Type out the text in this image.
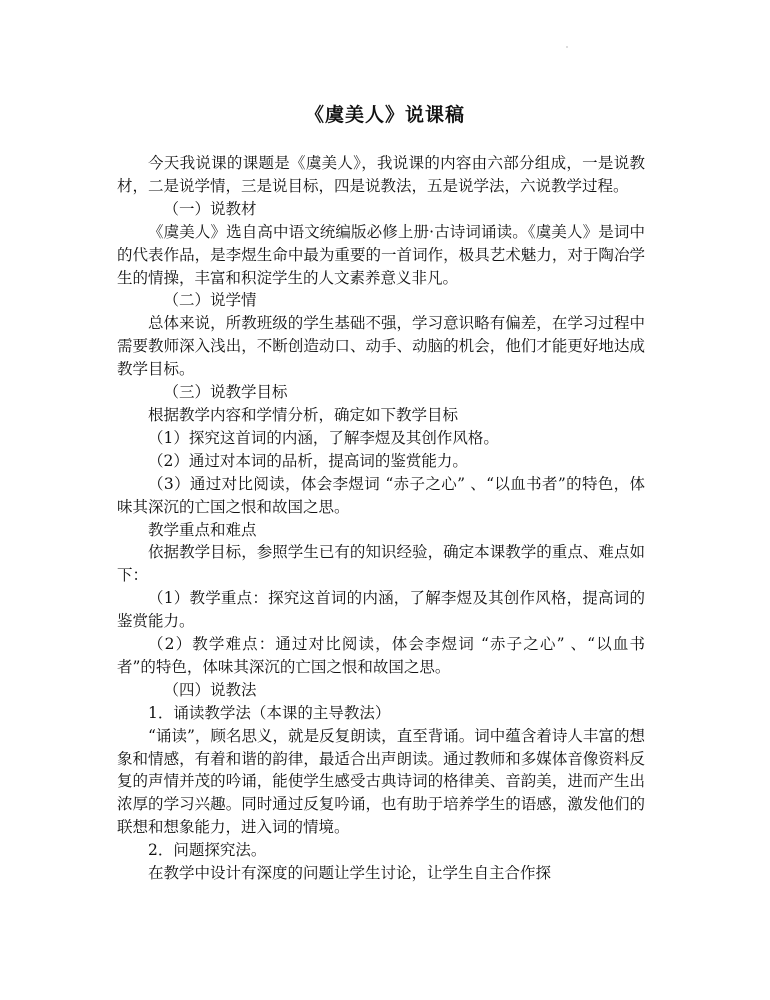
《虞美人》说课稿

今天我说课的课题是《虞美人》，我说课的内容由六部分组成，一是说教材，二是说学情，三是说目标，四是说教法，五是说学法，六说教学过程。

（一）说教材

《虞美人》选自高中语文统编版必修上册·古诗词诵读。《虞美人》是词中的代表作品，是李煜生命中最为重要的一首词作，极具艺术魅力，对于陶冶学生的情操，丰富和积淀学生的人文素养意义非凡。

（二）说学情

总体来说，所教班级的学生基础不强，学习意识略有偏差，在学习过程中需要教师深入浅出，不断创造动口、动手、动脑的机会，他们才能更好地达成教学目标。

（三）说教学目标

根据教学内容和学情分析，确定如下教学目标

（1）探究这首词的内涵，了解李煜及其创作风格。

（2）通过对本词的品析，提高词的鉴赏能力。

（3）通过对比阅读，体会李煜词 “赤子之心” 、“以血书者”的特色，体味其深沉的亡国之恨和故国之思。

教学重点和难点

依据教学目标，参照学生已有的知识经验，确定本课教学的重点、难点如下：

（1）教学重点：探究这首词的内涵，了解李煜及其创作风格，提高词的鉴赏能力。

（2）教学难点：通过对比阅读，体会李煜词 “赤子之心” 、“以血书者”的特色，体味其深沉的亡国之恨和故国之思。

（四）说教法

1．诵读教学法（本课的主导教法）

“诵读”，顾名思义，就是反复朗读，直至背诵。词中蕴含着诗人丰富的想象和情感，有着和谐的韵律，最适合出声朗读。通过教师和多媒体音像资料反复的声情并茂的吟诵，能使学生感受古典诗词的格律美、音韵美，进而产生出浓厚的学习兴趣。同时通过反复吟诵，也有助于培养学生的语感，激发他们的联想和想象能力，进入词的情境。

2．问题探究法。

在教学中设计有深度的问题让学生讨论，让学生自主合作探
